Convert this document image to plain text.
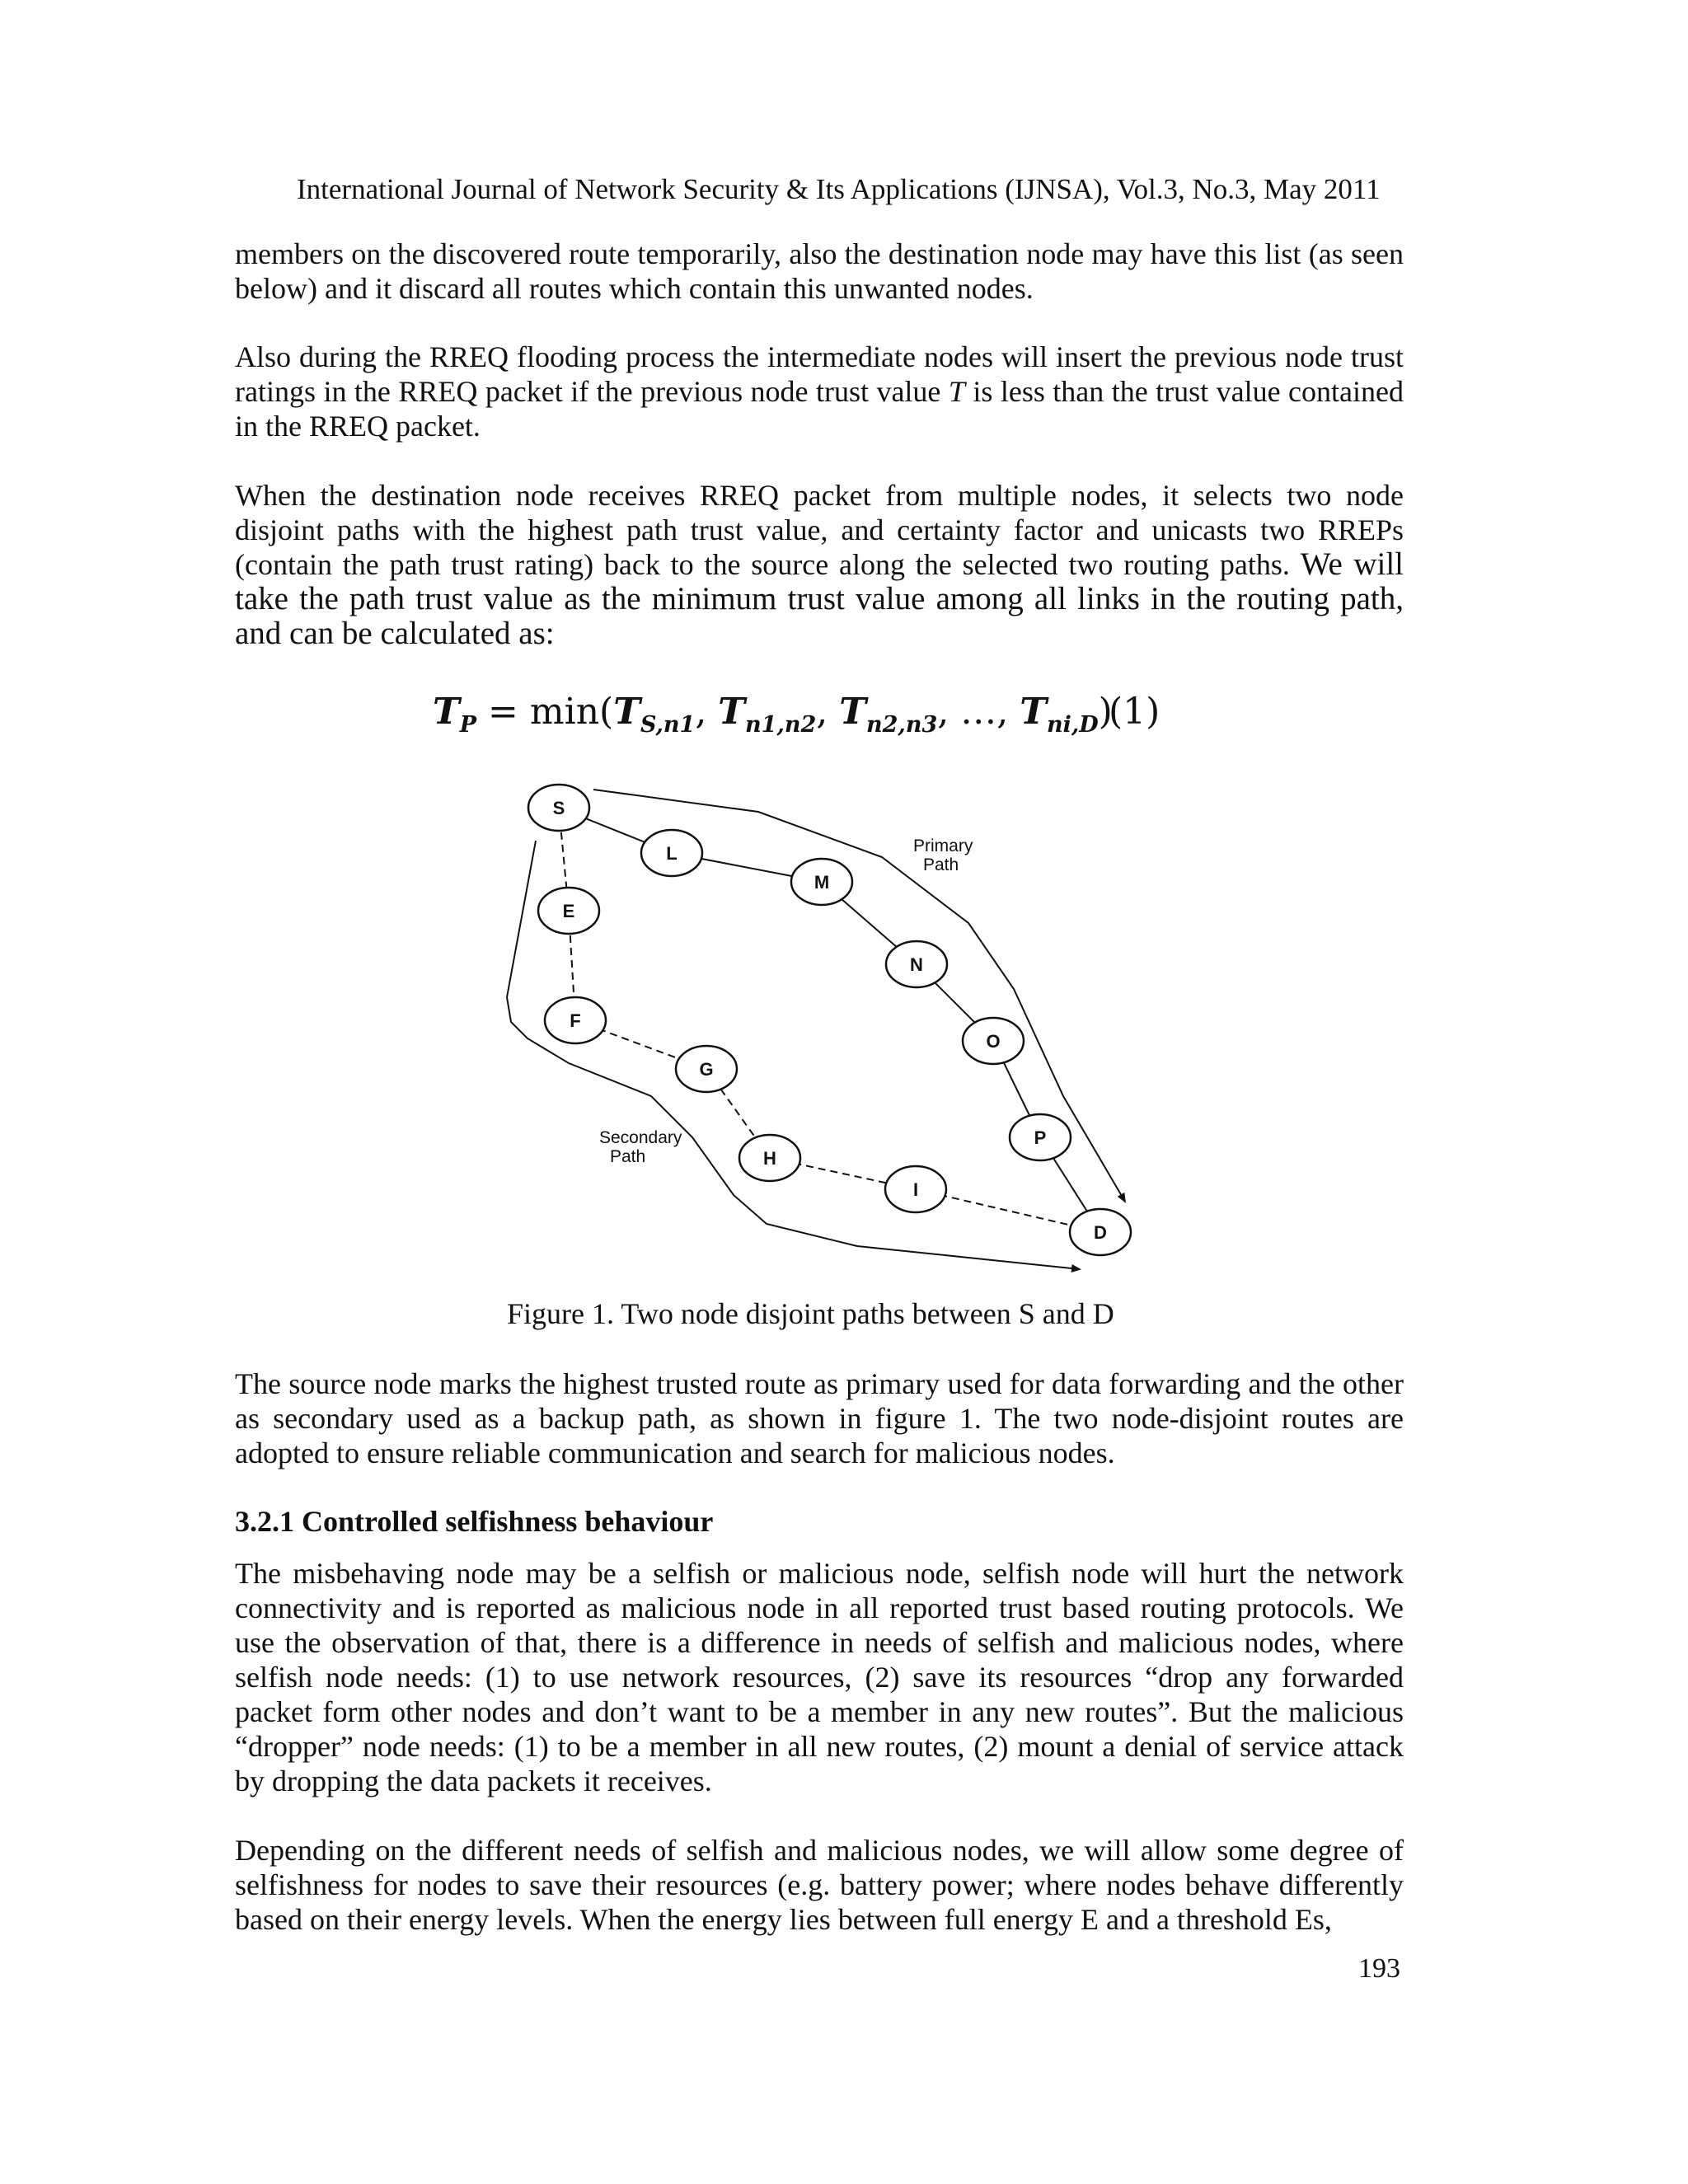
International Journal of Network Security & Its Applications (IJNSA), Vol.3, No.3, May 2011
members on the discovered route temporarily, also the destination node may have this list (as seen below) and it discard all routes which contain this unwanted nodes.
Also during the RREQ flooding process the intermediate nodes will insert the previous node trust ratings in the RREQ packet if the previous node trust value T is less than the trust value contained in the RREQ packet.
When the destination node receives RREQ packet from multiple nodes, it selects two node disjoint paths with the highest path trust value, and certainty factor and unicasts two RREPs (contain the path trust rating) back to the source along the selected two routing paths. We will take the path trust value as the minimum trust value among all links in the routing path, and can be calculated as:
$T_P = \min(T_{S,n1}$, $T_{n1,n2}$, $T_{n2,n3}$, …, $T_{ni,D}$)
(1)
S
L
M
N
O
P
D
E
F
G
H
I
Primary
Path
Secondary
Path
Figure 1. Two node disjoint paths between S and D
The source node marks the highest trusted route as primary used for data forwarding and the other as secondary used as a backup path, as shown in figure 1. The two node-disjoint routes are adopted to ensure reliable communication and search for malicious nodes.
3.2.1 Controlled selfishness behaviour
The misbehaving node may be a selfish or malicious node, selfish node will hurt the network connectivity and is reported as malicious node in all reported trust based routing protocols. We use the observation of that, there is a difference in needs of selfish and malicious nodes, where selfish node needs: (1) to use network resources, (2) save its resources “drop any forwarded packet form other nodes and don’t want to be a member in any new routes”. But the malicious “dropper” node needs: (1) to be a member in all new routes, (2) mount a denial of service attack by dropping the data packets it receives.
Depending on the different needs of selfish and malicious nodes, we will allow some degree of selfishness for nodes to save their resources (e.g. battery power; where nodes behave differently based on their energy levels. When the energy lies between full energy E and a threshold Es,
193
